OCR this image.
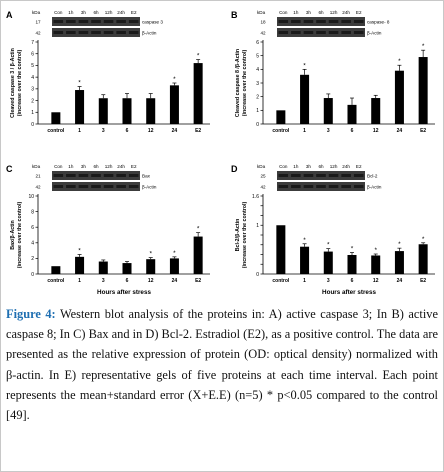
A	kDa	Con 1h 3h 6h 12h 24h E2
17	caspase 3
42	β-Actin
Cleaved caspase 3 / β-Actin (increase over the control)
0
1
2
3
4
5
6
7
control
*
1	3	6	12
*
24
*
E2
B	kDa	Con 1h 3h 6h 12h 24h E2
18	caspase- 8
42	β-Actin
Cleaved caspase 8 /β-Actin (increase over the control)
0
1
2
3
4
5
6
control
*
1	3	6	12
*
24
*
E2
C	kDa	Con 1h 3h 6h 12h 24h E2
21	Bax
42	β-Actin
Bax/β-Actin (increase over the control)
0
2
4
6
8
10
control
*
1	3	6
*
12
*
24
*
E2
Hours after stress
D	kDa	Con 1h 3h 6h 12h 24h E2
25	Bcl-2
42	β-Actin
Bcl-2/β-Actin (increase over the control)
0
1
1.6
control
*
1
*
3
*
6
*
12
*
24
*
E2
Hours after stress
Figure 4: Western blot analysis of the proteins in: A) active caspase 3; In B) active caspase 8; In C) Bax and in D) Bcl-2. Estradiol (E2), as a positive control. The data are presented as the relative expression of protein (OD: optical density) normalized with β-actin. In E) representative gels of five proteins at each time interval. Each point represents the mean+standard error (X+E.E) (n=5) * p<0.05 compared to the control [49].
